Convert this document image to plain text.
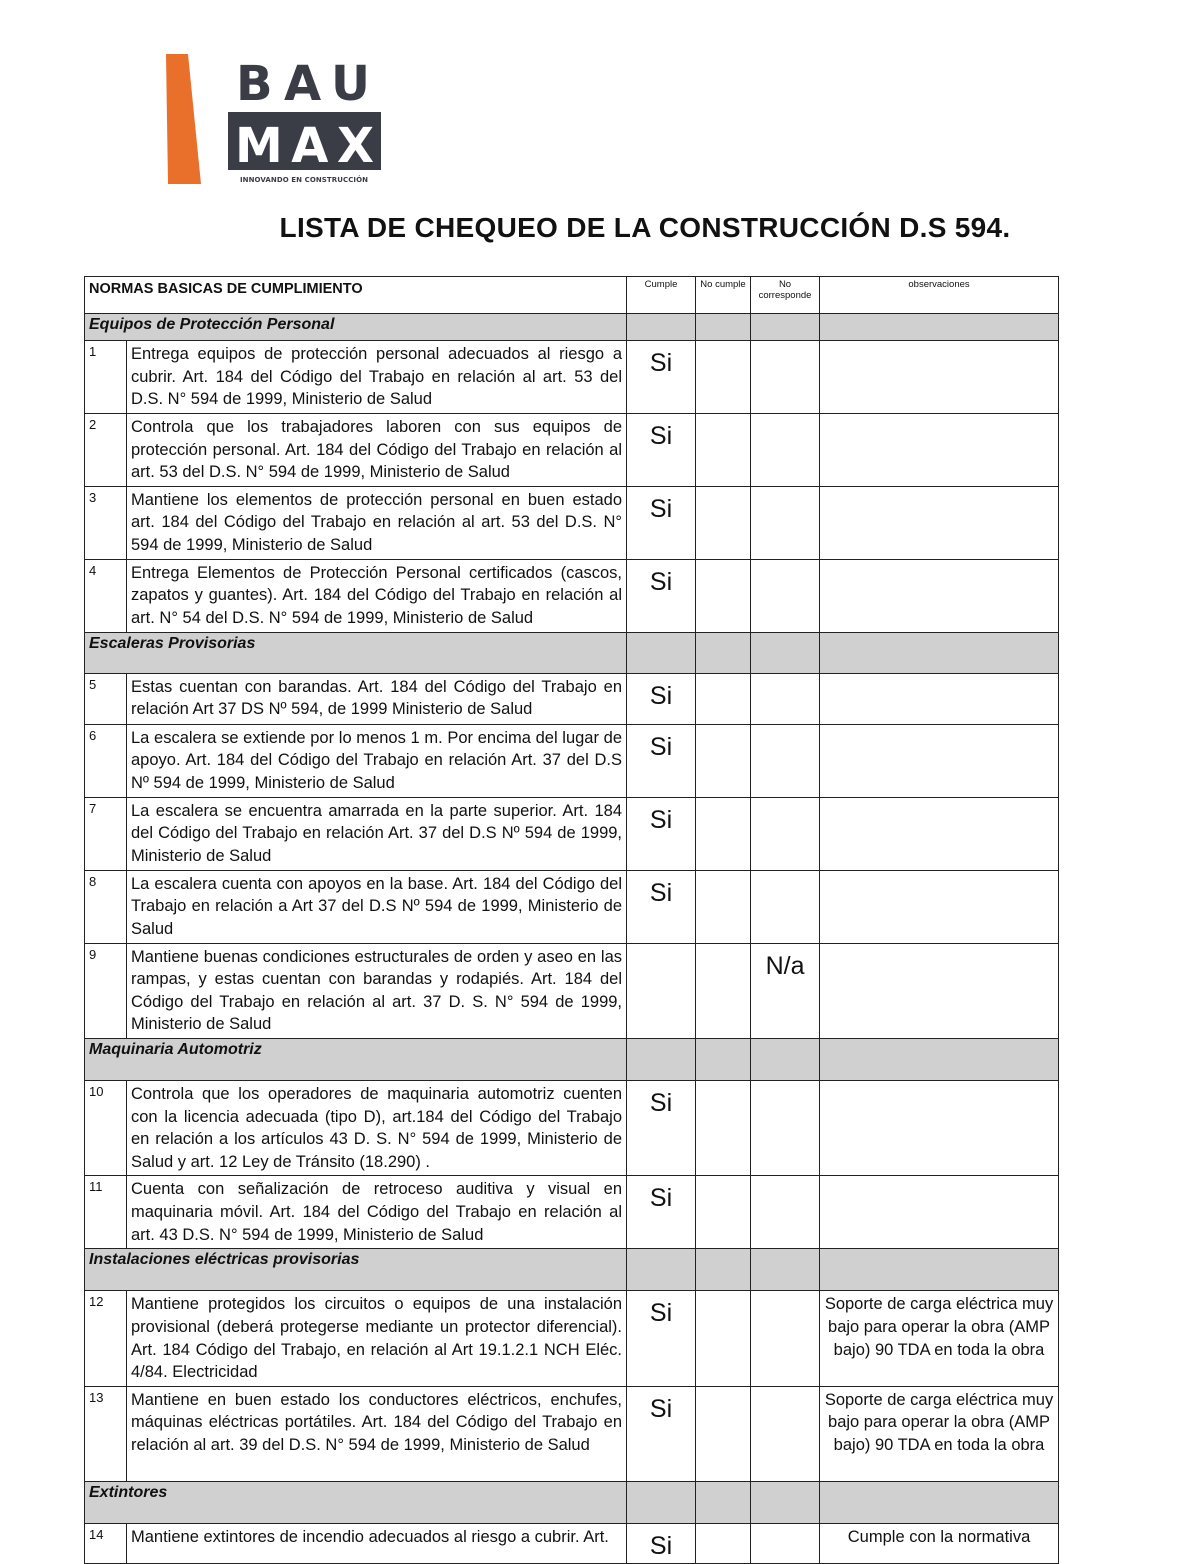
BAU
MAX
INNOVANDO EN CONSTRUCCIÓN
LISTA DE CHEQUEO DE LA CONSTRUCCIÓN D.S 594.
NORMAS BASICAS DE CUMPLIMIENTO		Cumple	No cumple	No corresponde	observaciones
Equipos de Protección Personal					
1	Entrega equipos de protección personal adecuados al riesgo a cubrir. Art. 184 del Código del Trabajo en relación al art. 53 del D.S. N° 594 de 1999, Ministerio de Salud	Si			
2	Controla que los trabajadores laboren con sus equipos de protección personal. Art. 184 del Código del Trabajo en relación al art. 53 del D.S. N° 594 de 1999, Ministerio de Salud	Si			
3	Mantiene los elementos de protección personal en buen estado art. 184 del Código del Trabajo en relación al art. 53 del D.S. N° 594 de 1999, Ministerio de Salud	Si			
4	Entrega Elementos de Protección Personal certificados (cascos, zapatos y guantes). Art. 184 del Código del Trabajo en relación al art. N° 54 del D.S. N° 594 de 1999, Ministerio de Salud	Si			
Escaleras Provisorias					
5	Estas cuentan con barandas. Art. 184 del Código del Trabajo en relación Art 37 DS Nº 594, de 1999 Ministerio de Salud	Si			
6	La escalera se extiende por lo menos 1 m. Por encima del lugar de apoyo. Art. 184 del Código del Trabajo en relación Art. 37 del D.S Nº 594 de 1999, Ministerio de Salud	Si			
7	La escalera se encuentra amarrada en la parte superior. Art. 184 del Código del Trabajo en relación Art. 37 del D.S Nº 594 de 1999, Ministerio de Salud	Si			
8	La escalera cuenta con apoyos en la base. Art. 184 del Código del Trabajo en relación a Art 37 del D.S Nº 594 de 1999, Ministerio de Salud	Si			
9	Mantiene buenas condiciones estructurales de orden y aseo en las rampas, y estas cuentan con barandas y rodapiés. Art. 184 del Código del Trabajo en relación al art. 37 D. S. N° 594 de 1999, Ministerio de Salud			N/a	
Maquinaria Automotriz					
10	Controla que los operadores de maquinaria automotriz cuenten con la licencia adecuada (tipo D), art.184 del Código del Trabajo en relación a los artículos 43 D. S. N° 594 de 1999, Ministerio de Salud y art. 12 Ley de Tránsito (18.290) .	Si			
11	Cuenta con señalización de retroceso auditiva y visual en maquinaria móvil. Art. 184 del Código del Trabajo en relación al art. 43 D.S. N° 594 de 1999, Ministerio de Salud	Si			
Instalaciones eléctricas provisorias					
12	Mantiene protegidos los circuitos o equipos de una instalación provisional (deberá protegerse mediante un protector diferencial). Art. 184 Código del Trabajo, en relación al Art 19.1.2.1 NCH Eléc. 4/84. Electricidad	Si			Soporte de carga eléctrica muy bajo para operar la obra (AMP bajo) 90 TDA en toda la obra
13	Mantiene en buen estado los conductores eléctricos, enchufes, máquinas eléctricas portátiles. Art. 184 del Código del Trabajo en relación al art. 39 del D.S. N° 594 de 1999, Ministerio de Salud	Si			Soporte de carga eléctrica muy bajo para operar la obra (AMP bajo) 90 TDA en toda la obra
Extintores					
14	Mantiene extintores de incendio adecuados al riesgo a cubrir. Art.	Si			Cumple con la normativa
